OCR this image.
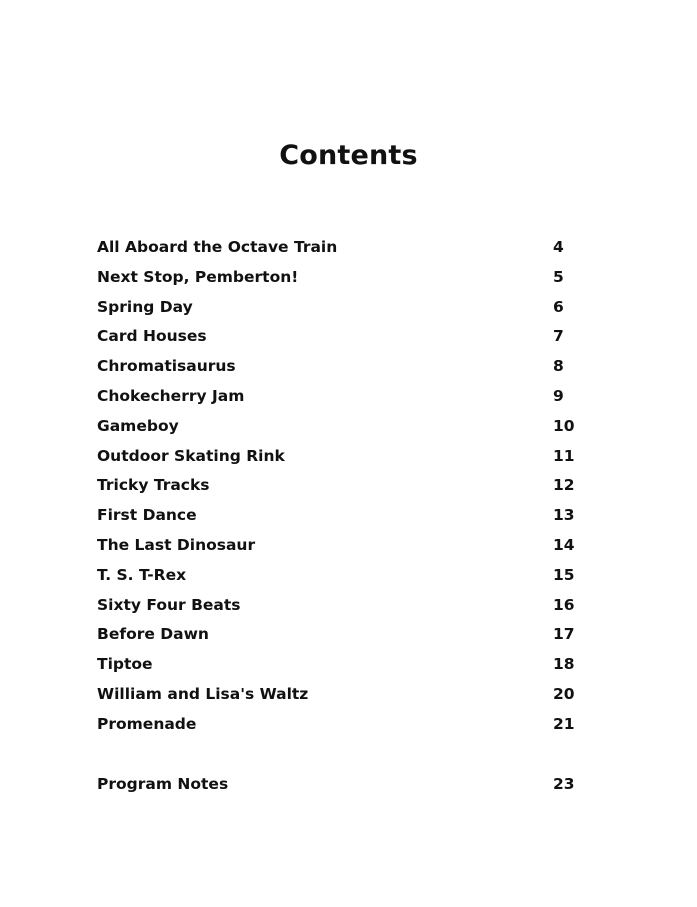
Contents
All Aboard the Octave Train	4
Next Stop, Pemberton!	5
Spring Day	6
Card Houses	7
Chromatisaurus	8
Chokecherry Jam	9
Gameboy	10
Outdoor Skating Rink	11
Tricky Tracks	12
First Dance	13
The Last Dinosaur	14
T. S. T-Rex	15
Sixty Four Beats	16
Before Dawn	17
Tiptoe	18
William and Lisa's Waltz	20
Promenade	21
Program Notes	23
